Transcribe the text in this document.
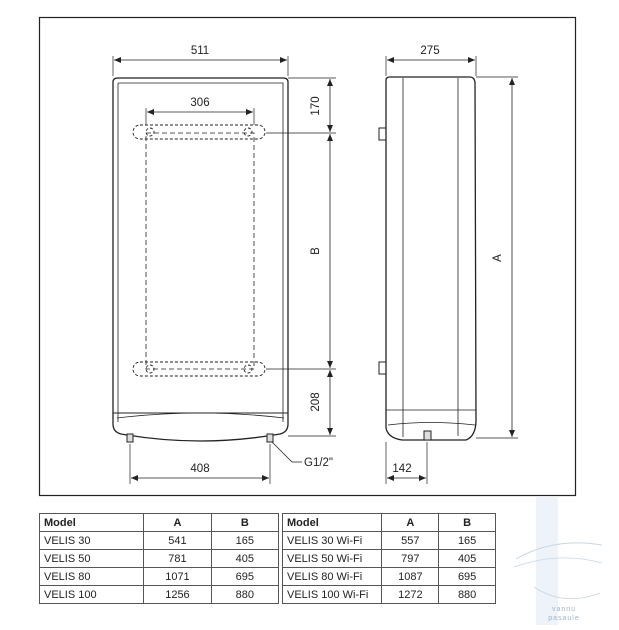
511
306	170
B
208
408	G1/2"
275
A
142
Model	A	B
VELIS 30	541	165
VELIS 50	781	405
VELIS 80	1071	695
VELIS 100	1256	880
Model	A	B
VELIS 30 Wi-Fi	557	165
VELIS 50 Wi-Fi	797	405
VELIS 80 Wi-Fi	1087	695
VELIS 100 Wi-Fi	1272	880
vannu
pasaule
